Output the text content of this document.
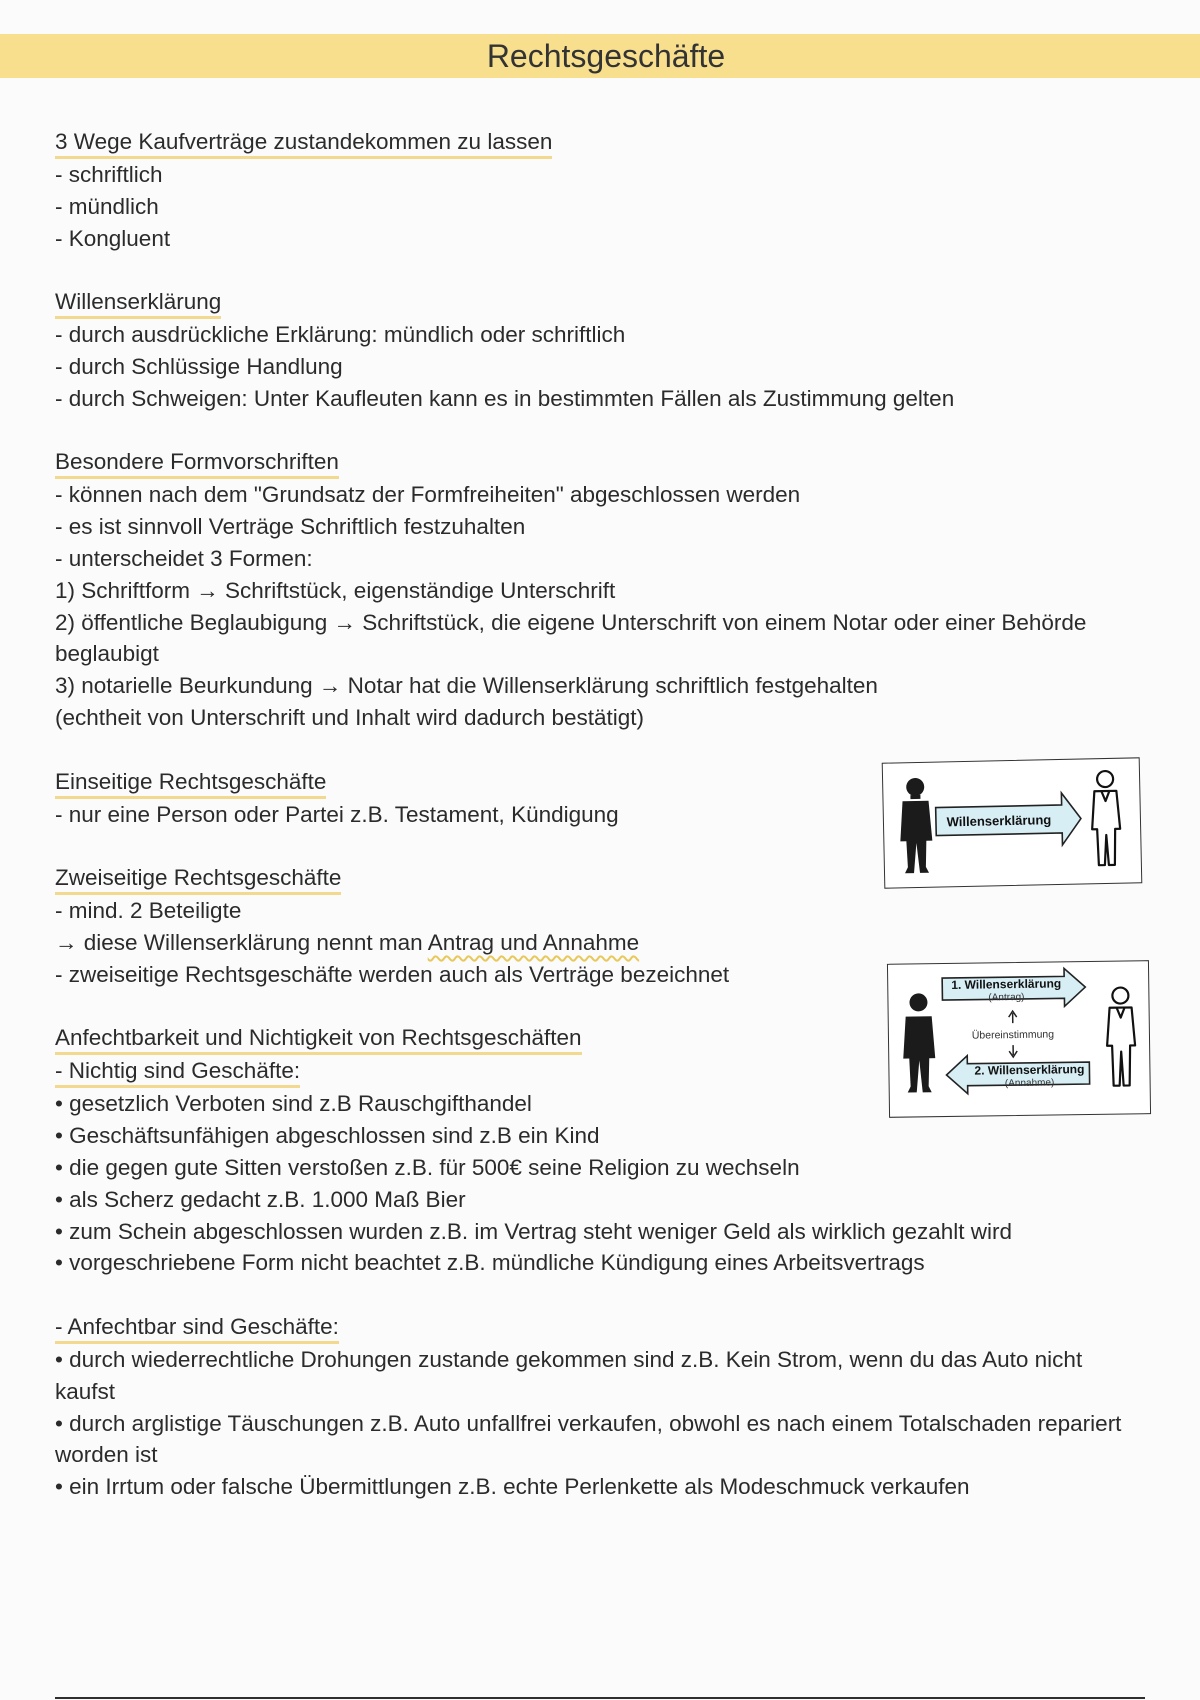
Rechtsgeschäfte

3 Wege Kaufverträge zustandekommen zu lassen

- schriftlich

- mündlich

- Kongluent

Willenserklärung

- durch ausdrückliche Erklärung: mündlich oder schriftlich

- durch Schlüssige Handlung

- durch Schweigen: Unter Kaufleuten kann es in bestimmten Fällen als Zustimmung gelten

Besondere Formvorschriften

- können nach dem "Grundsatz der Formfreiheiten" abgeschlossen werden

- es ist sinnvoll Verträge Schriftlich festzuhalten

- unterscheidet 3 Formen:

1) Schriftform → Schriftstück, eigenständige Unterschrift

2) öffentliche Beglaubigung → Schriftstück, die eigene Unterschrift von einem Notar oder einer Behörde beglaubigt

3) notarielle Beurkundung → Notar hat die Willenserklärung schriftlich festgehalten

(echtheit von Unterschrift und Inhalt wird dadurch bestätigt)

Einseitige Rechtsgeschäfte

- nur eine Person oder Partei z.B. Testament, Kündigung

Zweiseitige Rechtsgeschäfte

- mind. 2 Beteiligte

→ diese Willenserklärung nennt man Antrag und Annahme

- zweiseitige Rechtsgeschäfte werden auch als Verträge bezeichnet

Anfechtbarkeit und Nichtigkeit von Rechtsgeschäften

- Nichtig sind Geschäfte:

• gesetzlich Verboten sind z.B Rauschgifthandel

• Geschäftsunfähigen abgeschlossen sind z.B ein Kind

• die gegen gute Sitten verstoßen z.B. für 500€ seine Religion zu wechseln

• als Scherz gedacht z.B. 1.000 Maß Bier

• zum Schein abgeschlossen wurden z.B. im Vertrag steht weniger Geld als wirklich gezahlt wird

• vorgeschriebene Form nicht beachtet z.B. mündliche Kündigung eines Arbeitsvertrags

- Anfechtbar sind Geschäfte:

• durch wiederrechtliche Drohungen zustande gekommen sind z.B. Kein Strom, wenn du das Auto nicht kaufst

• durch arglistige Täuschungen z.B. Auto unfallfrei verkaufen, obwohl es nach einem Totalschaden repariert worden ist

• ein Irrtum oder falsche Übermittlungen z.B. echte Perlenkette als Modeschmuck verkaufen

Willenserklärung
1. Willenserklärung
(Antrag)
Übereinstimmung
2. Willenserklärung
(Annahme)
